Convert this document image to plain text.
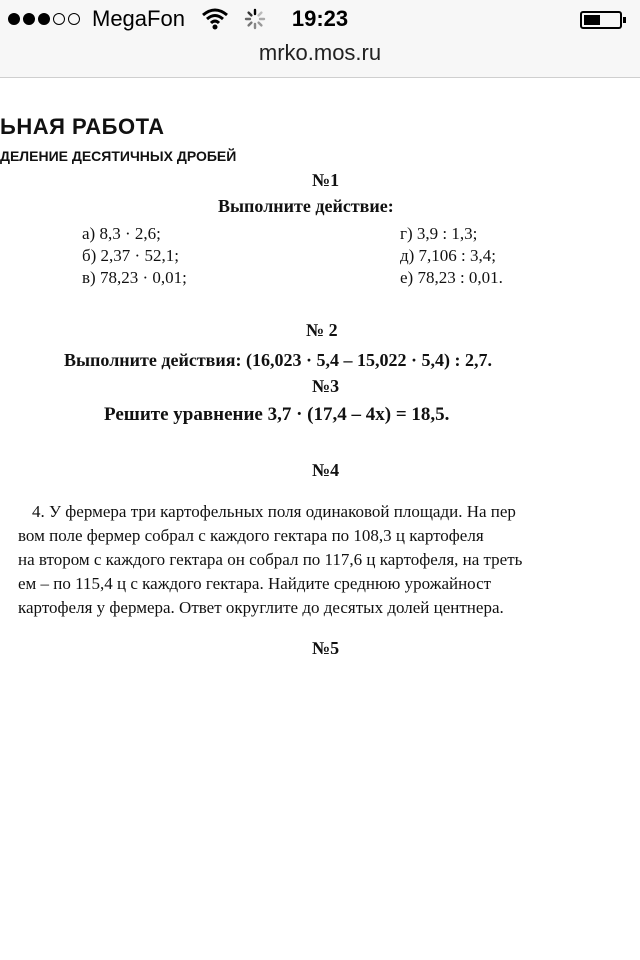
MegaFon	19:23
mrko.mos.ru
ЬНАЯ РАБОТА
ДЕЛЕНИЕ ДЕСЯТИЧНЫХ ДРОБЕЙ
№1
Выполните действие:
а) 8,3 · 2,6;
б) 2,37 · 52,1;
в) 78,23 · 0,01;
г) 3,9 : 1,3;
д) 7,106 : 3,4;
е) 78,23 : 0,01.
№ 2
Выполните действия: (16,023 · 5,4 – 15,022 · 5,4) : 2,7.
№3
Решите уравнение 3,7 · (17,4 – 4x) = 18,5.
№4
4. У фермера три картофельных поля одинаковой площади. На пер
вом поле фермер собрал с каждого гектара по 108,3 ц картофеля
на втором с каждого гектара он собрал по 117,6 ц картофеля, на треть
ем – по 115,4 ц с каждого гектара. Найдите среднюю урожайност
картофеля у фермера. Ответ округлите до десятых долей центнера.
№5
